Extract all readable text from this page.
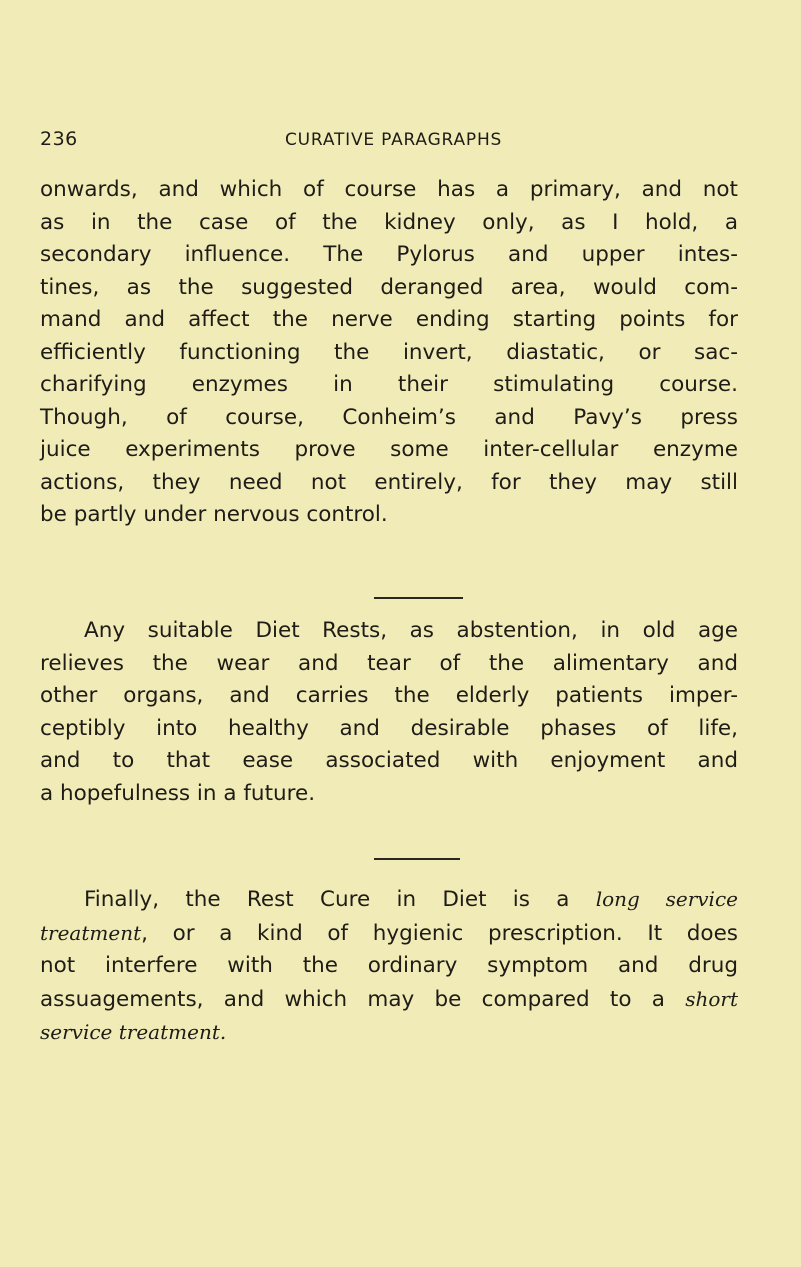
236	CURATIVE PARAGRAPHS

onwards, and which of course has a primary, and not
as in the case of the kidney only, as I hold, a
secondary influence. The Pylorus and upper intes-
tines, as the suggested deranged area, would com-
mand and affect the nerve ending starting points for
efficiently functioning the invert, diastatic, or sac-
charifying enzymes in their stimulating course.
Though, of course, Conheim’s and Pavy’s press
juice experiments prove some inter-cellular enzyme
actions, they need not entirely, for they may still
be partly under nervous control.

Any suitable Diet Rests, as abstention, in old age
relieves the wear and tear of the alimentary and
other organs, and carries the elderly patients imper-
ceptibly into healthy and desirable phases of life,
and to that ease associated with enjoyment and
a hopefulness in a future.

Finally, the Rest Cure in Diet is a long service
treatment, or a kind of hygienic prescription. It does
not interfere with the ordinary symptom and drug
assuagements, and which may be compared to a short
service treatment.
